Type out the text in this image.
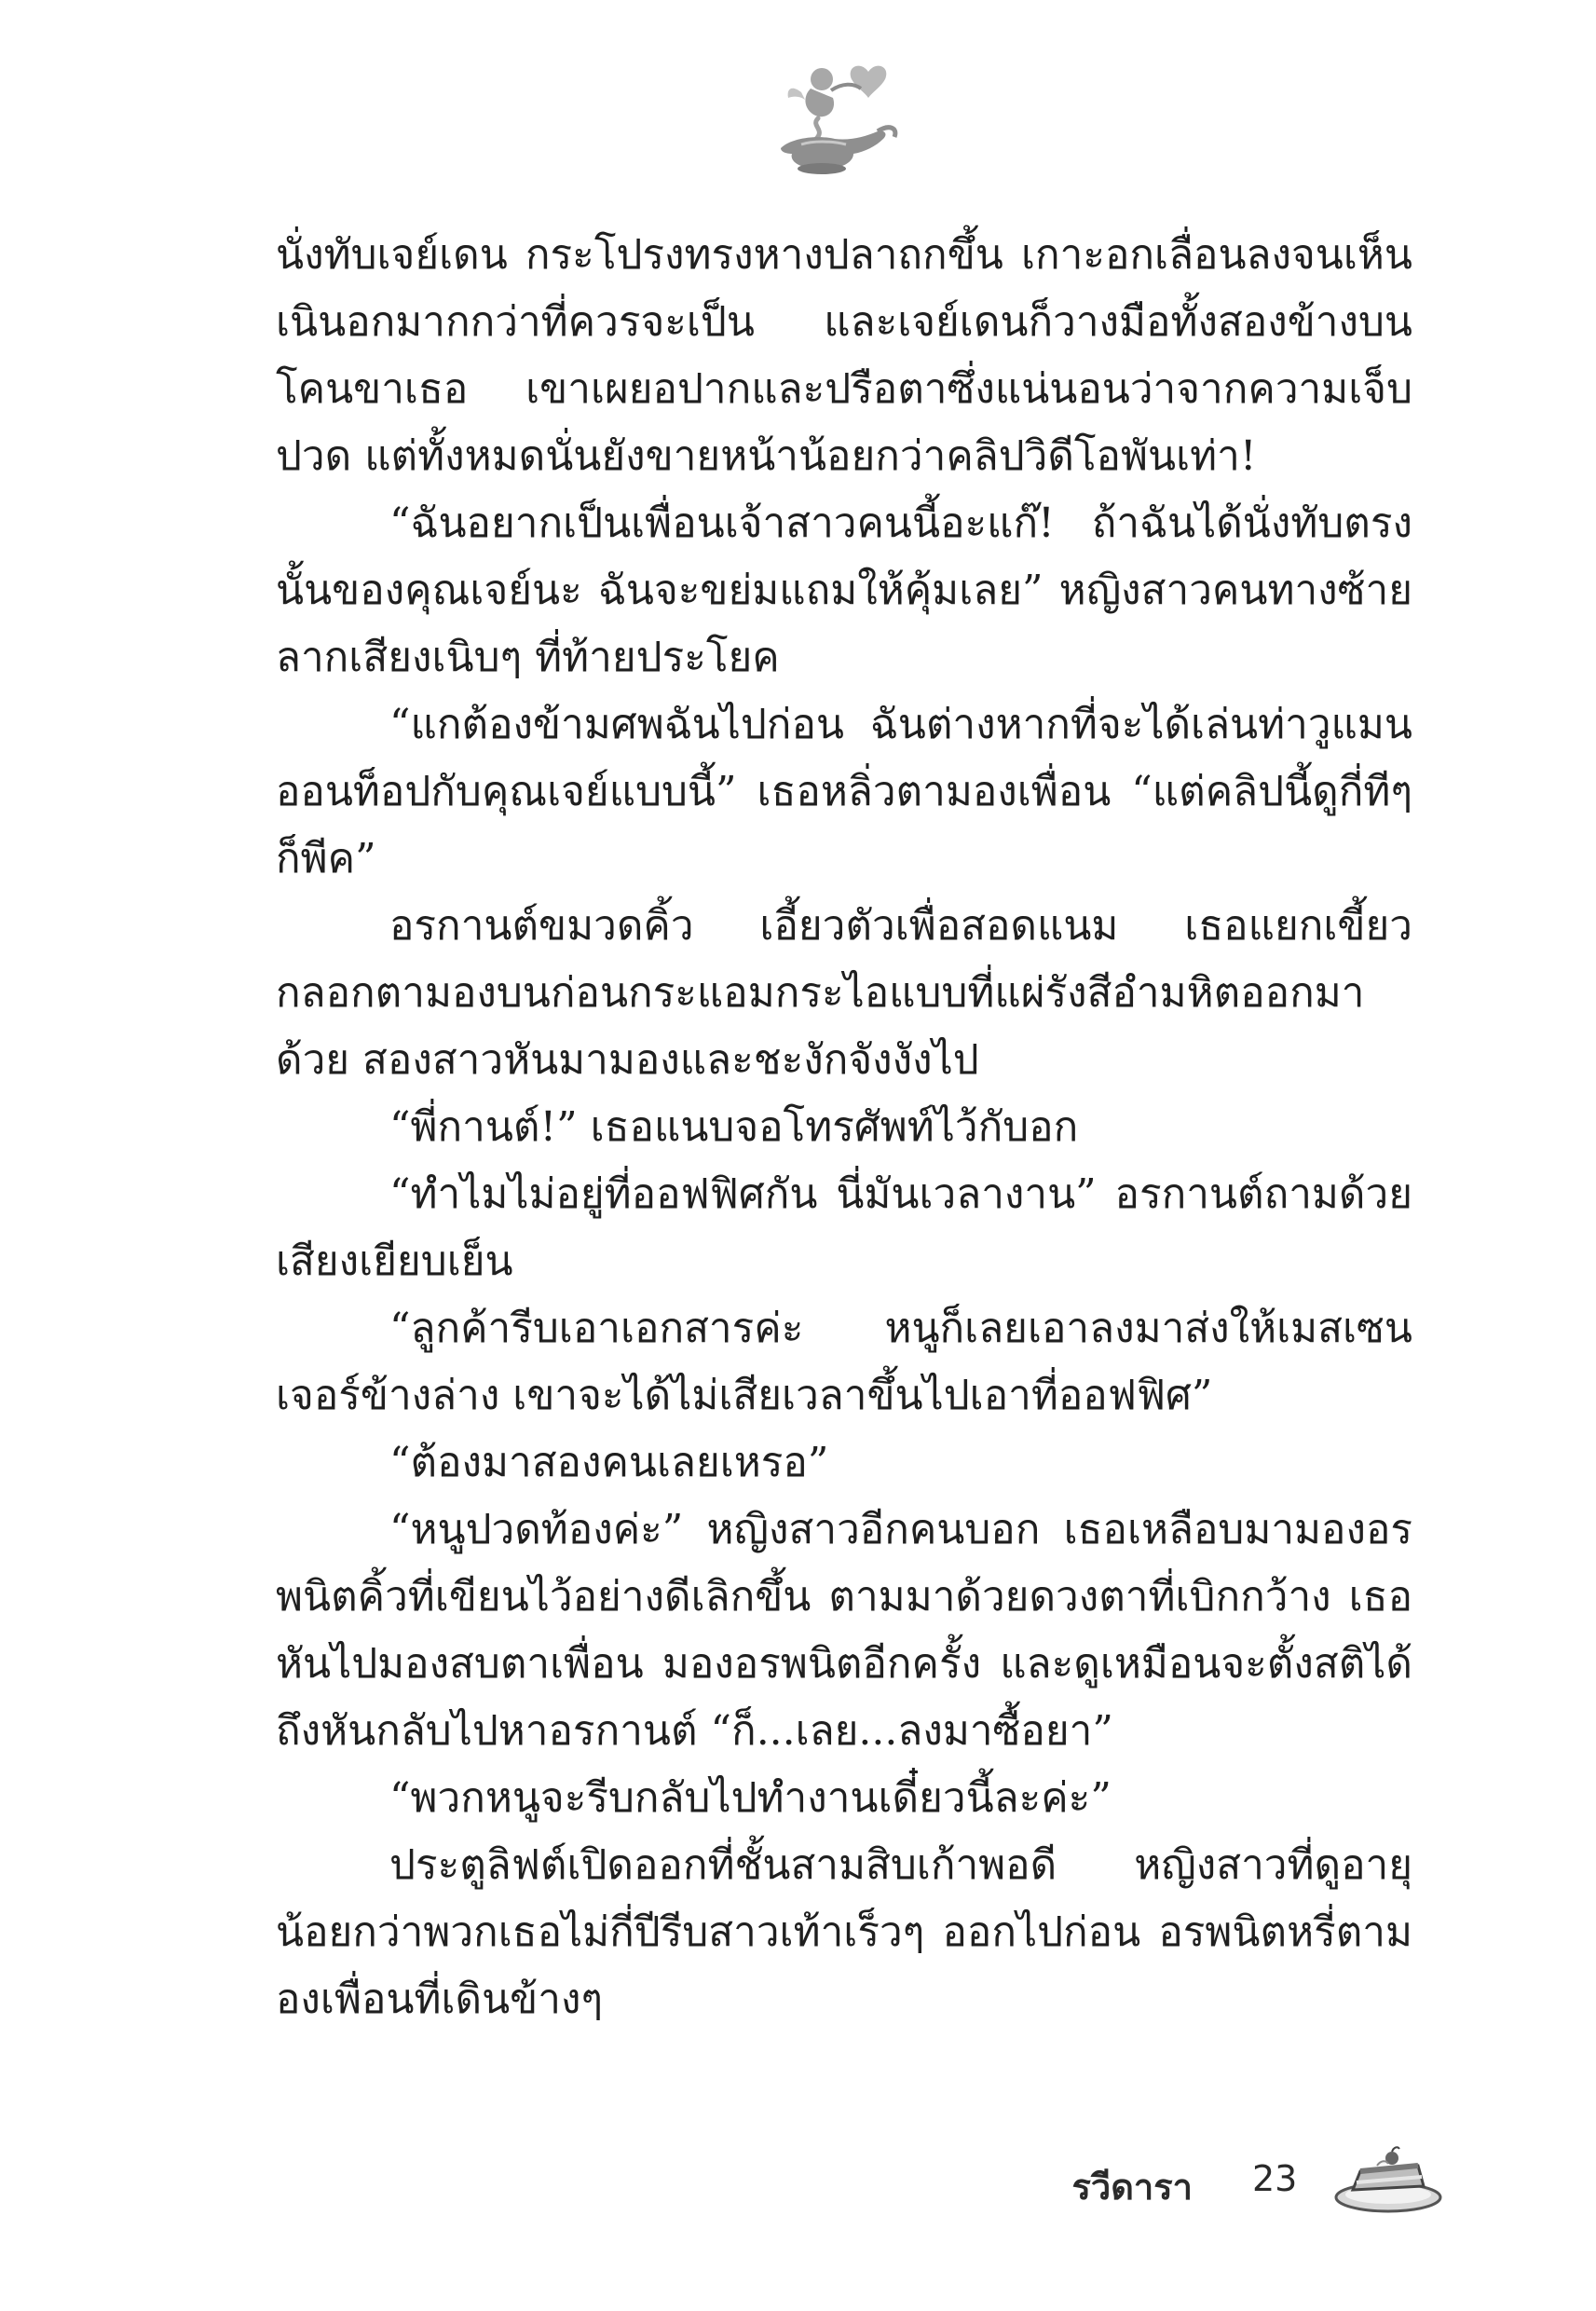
นั่งทับเจย์เดน กระโปรงทรงหางปลาถกขึ้น เกาะอกเลื่อนลงจนเห็นเนินอกมากกว่าที่ควรจะเป็น และเจย์เดนก็วางมือทั้งสองข้างบนโคนขาเธอ เขาเผยอปากและปรือตาซึ่งแน่นอนว่าจากความเจ็บปวด แต่ทั้งหมดนั่นยังขายหน้าน้อยกว่าคลิปวิดีโอพันเท่า!

“ฉันอยากเป็นเพื่อนเจ้าสาวคนนี้อะแก๊! ถ้าฉันได้นั่งทับตรงนั้นของคุณเจย์นะ ฉันจะขย่มแถมให้คุ้มเลย” หญิงสาวคนทางซ้ายลากเสียงเนิบๆ ที่ท้ายประโยค

“แกต้องข้ามศพฉันไปก่อน ฉันต่างหากที่จะได้เล่นท่าวูแมนออนท็อปกับคุณเจย์แบบนี้” เธอหลิ่วตามองเพื่อน “แต่คลิปนี้ดูกี่ทีๆ ก็พีค”

อรกานต์ขมวดคิ้ว เอี้ยวตัวเพื่อสอดแนม เธอแยกเขี้ยว กลอกตามองบนก่อนกระแอมกระไอแบบที่แผ่รังสีอำมหิตออกมาด้วย สองสาวหันมามองและชะงักจังงังไป

“พี่กานต์!” เธอแนบจอโทรศัพท์ไว้กับอก

“ทำไมไม่อยู่ที่ออฟฟิศกัน นี่มันเวลางาน” อรกานต์ถามด้วยเสียงเยียบเย็น

“ลูกค้ารีบเอาเอกสารค่ะ หนูก็เลยเอาลงมาส่งให้เมสเซนเจอร์ข้างล่าง เขาจะได้ไม่เสียเวลาขึ้นไปเอาที่ออฟฟิศ”

“ต้องมาสองคนเลยเหรอ”

“หนูปวดท้องค่ะ” หญิงสาวอีกคนบอก เธอเหลือบมามองอรพนิตคิ้วที่เขียนไว้อย่างดีเลิกขึ้น ตามมาด้วยดวงตาที่เบิกกว้าง เธอหันไปมองสบตาเพื่อน มองอรพนิตอีกครั้ง และดูเหมือนจะตั้งสติได้ถึงหันกลับไปหาอรกานต์ “ก็...เลย...ลงมาซื้อยา”

“พวกหนูจะรีบกลับไปทำงานเดี๋ยวนี้ละค่ะ”

ประตูลิฟต์เปิดออกที่ชั้นสามสิบเก้าพอดี หญิงสาวที่ดูอายุน้อยกว่าพวกเธอไม่กี่ปีรีบสาวเท้าเร็วๆ ออกไปก่อน อรพนิตหรี่ตามองเพื่อนที่เดินข้างๆ

รวีดารา 23
